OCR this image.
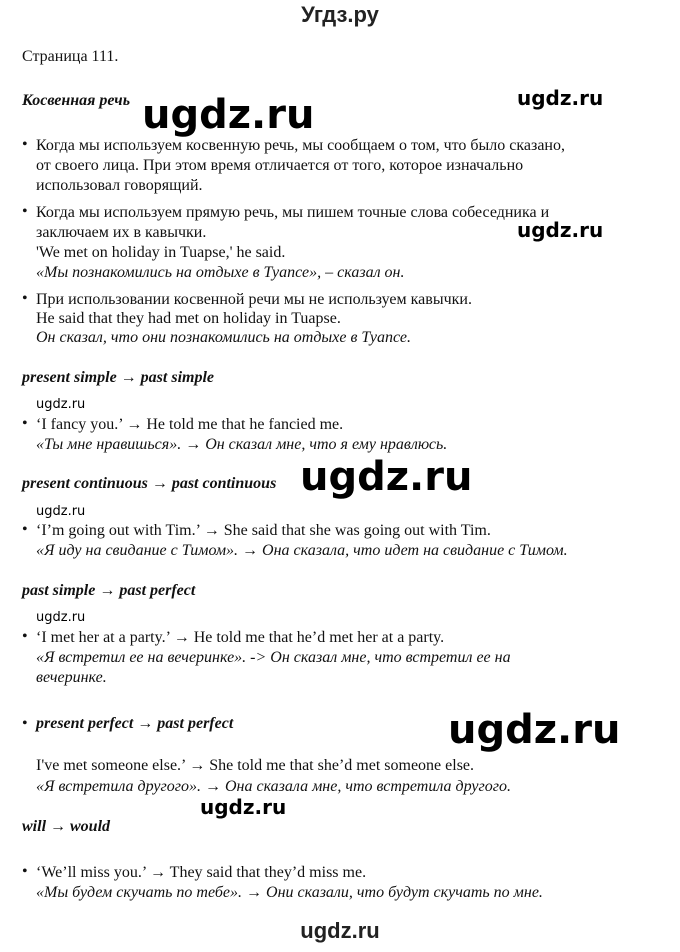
Угдз.ру
Страница 111.
Косвенная речь
• Когда мы используем косвенную речь, мы сообщаем о том, что было сказано,
от своего лица. При этом время отличается от того, которое изначально
использовал говорящий.
• Когда мы используем прямую речь, мы пишем точные слова собеседника и
заключаем их в кавычки.
'We met on holiday in Tuapse,' he said.
«Мы познакомились на отдыхе в Туапсе», – сказал он.
• При использовании косвенной речи мы не используем кавычки.
He said that they had met on holiday in Tuapse.
Он сказал, что они познакомились на отдыхе в Туапсе.
present simple → past simple
• ‘I fancy you.’ → He told me that he fancied me.
«Ты мне нравишься». → Он сказал мне, что я ему нравлюсь.
present continuous → past continuous
• ‘I’m going out with Tim.’ → She said that she was going out with Tim.
«Я иду на свидание с Тимом». → Она сказала, что идет на свидание с Тимом.
past simple → past perfect
• ‘I met her at a party.’ → He told me that he’d met her at a party.
«Я встретил ее на вечеринке». -> Он сказал мне, что встретил ее на
вечеринке.
• present perfect → past perfect
I've met someone else.’ → She told me that she’d met someone else.
«Я встретила другого». → Она сказала мне, что встретила другого.
will → would
• ‘We’ll miss you.’ → They said that they’d miss me.
«Мы будем скучать по тебе». → Они сказали, что будут скучать по мне.
ugdz.ru	ugdz.ru
ugdz.ru
ugdz.ru
ugdz.ru
ugdz.ru
ugdz.ru
ugdz.ru
ugdz.ru
ugdz.ru
